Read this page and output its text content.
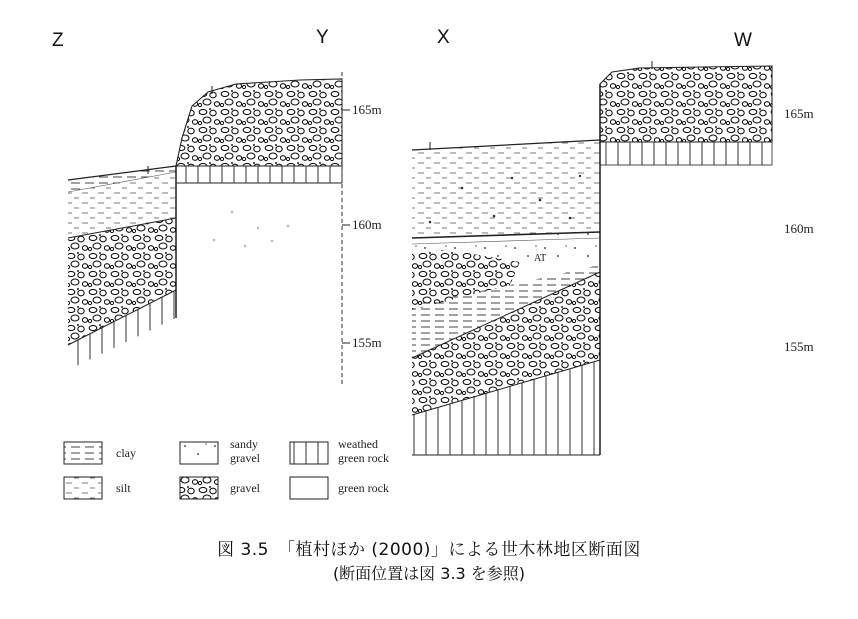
165m
160m
155m
AT
165m
160m
155m
clay
silt
sandy
gravel
gravel
weathed
green rock
green rock
Z	Y	X	W
図 3.5　「植村ほか (2000)」による世木林地区断面図
(断面位置は図 3.3 を参照)
